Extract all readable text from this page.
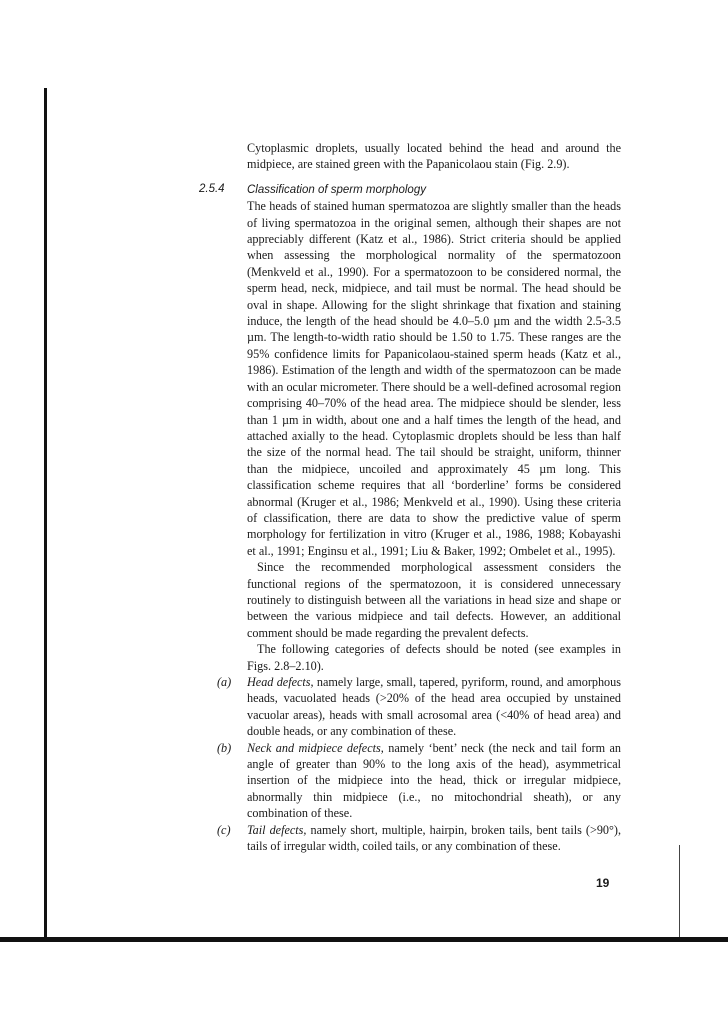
Cytoplasmic droplets, usually located behind the head and around the midpiece, are stained green with the Papanicolaou stain (Fig. 2.9).

2.5.4 Classification of sperm morphology

The heads of stained human spermatozoa are slightly smaller than the heads of living spermatozoa in the original semen, although their shapes are not appreciably different (Katz et al., 1986). Strict criteria should be applied when assessing the morphological normality of the spermatozoon (Menkveld et al., 1990). For a spermatozoon to be considered normal, the sperm head, neck, midpiece, and tail must be normal. The head should be oval in shape. Allowing for the slight shrinkage that fixation and staining induce, the length of the head should be 4.0–5.0 µm and the width 2.5-3.5 µm. The length-to-width ratio should be 1.50 to 1.75. These ranges are the 95% confidence limits for Papanicolaou-stained sperm heads (Katz et al., 1986). Estimation of the length and width of the spermatozoon can be made with an ocular micrometer. There should be a well-defined acrosomal region comprising 40–70% of the head area. The midpiece should be slender, less than 1 µm in width, about one and a half times the length of the head, and attached axially to the head. Cytoplasmic droplets should be less than half the size of the normal head. The tail should be straight, uniform, thinner than the midpiece, uncoiled and approximately 45 µm long. This classification scheme requires that all ‘borderline’ forms be considered abnormal (Kruger et al., 1986; Menkveld et al., 1990). Using these criteria of classification, there are data to show the predictive value of sperm morphology for fertilization in vitro (Kruger et al., 1986, 1988; Kobayashi et al., 1991; Enginsu et al., 1991; Liu & Baker, 1992; Ombelet et al., 1995).

Since the recommended morphological assessment considers the functional regions of the spermatozoon, it is considered unnecessary routinely to distinguish between all the variations in head size and shape or between the various midpiece and tail defects. However, an additional comment should be made regarding the prevalent defects.

The following categories of defects should be noted (see examples in Figs. 2.8–2.10).

(a) Head defects, namely large, small, tapered, pyriform, round, and amorphous heads, vacuolated heads (>20% of the head area occupied by unstained vacuolar areas), heads with small acrosomal area (<40% of head area) and double heads, or any combination of these.
(b) Neck and midpiece defects, namely ‘bent’ neck (the neck and tail form an angle of greater than 90% to the long axis of the head), asymmetrical insertion of the midpiece into the head, thick or irregular midpiece, abnormally thin midpiece (i.e., no mitochondrial sheath), or any combination of these.
(c) Tail defects, namely short, multiple, hairpin, broken tails, bent tails (>90°), tails of irregular width, coiled tails, or any combination of these.
19
